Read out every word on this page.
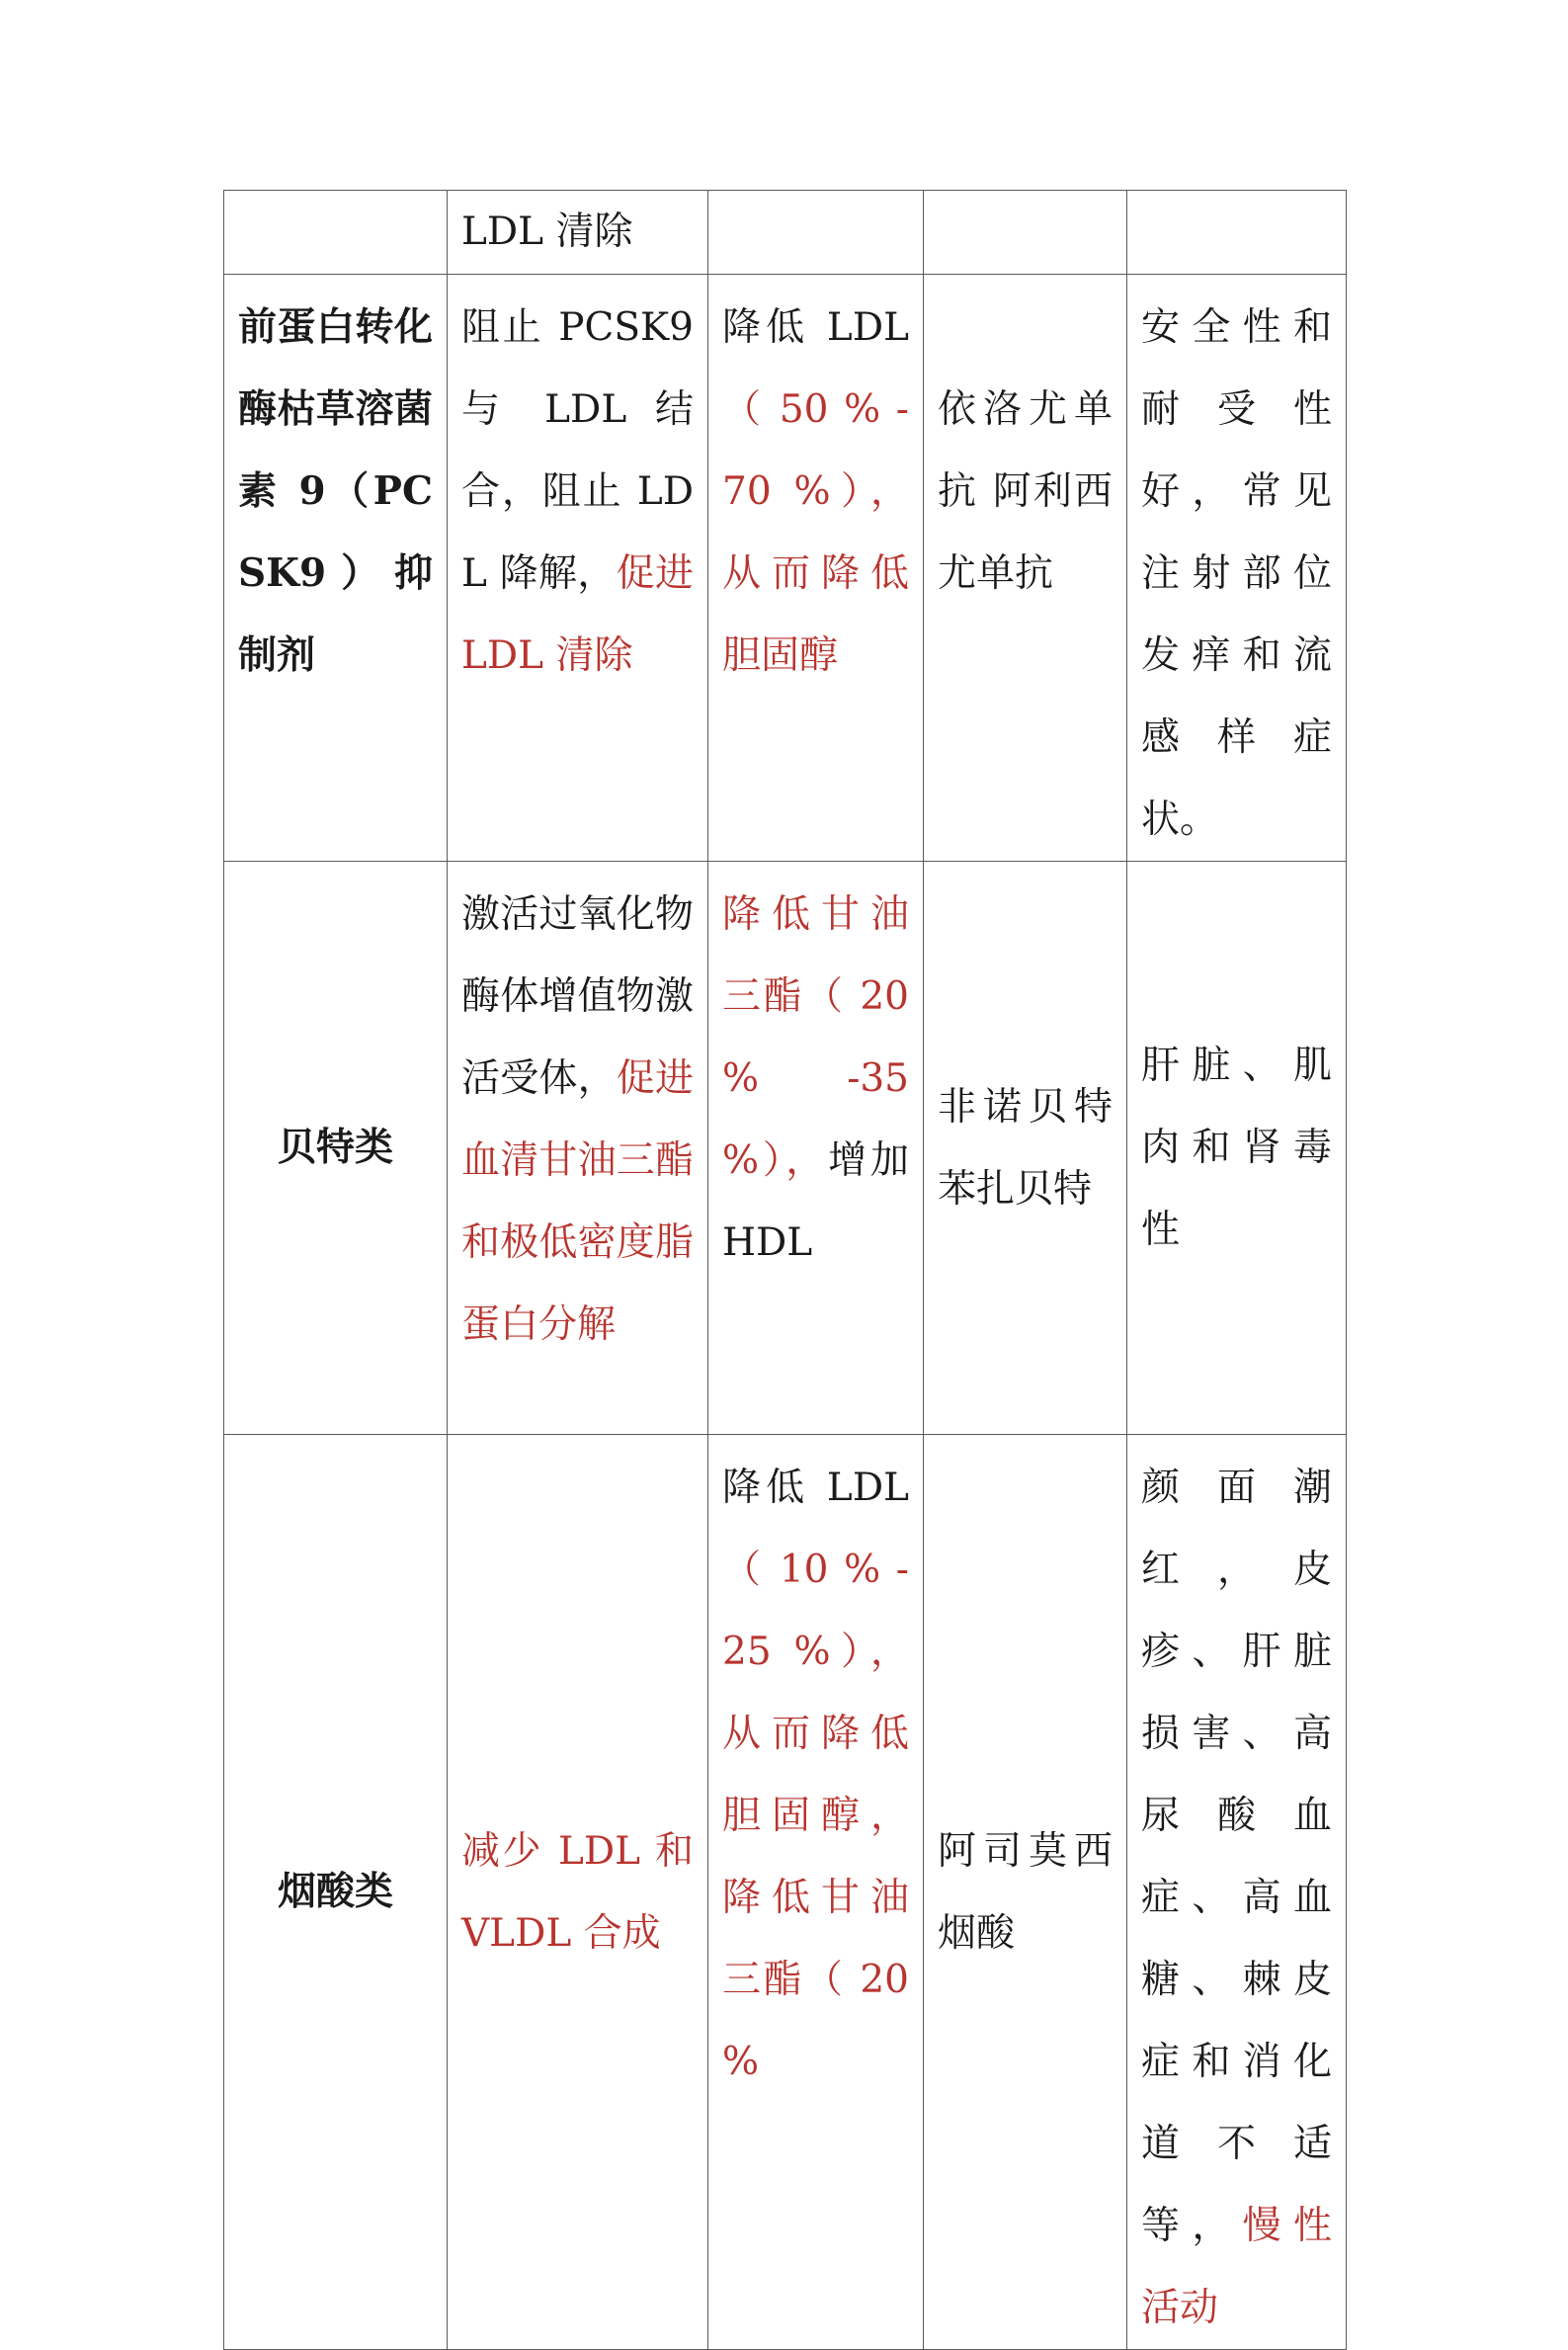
	LDL 清除			
前蛋白转化酶枯草溶菌素 9（PCSK9）抑制剂	阻止 PCSK9 与 LDL 结合，阻止 LDL 降解，促进 LDL 清除	降低 LDL（ 50 % -70 %），从而降低胆固醇	依洛尤单抗 阿利西尤单抗	安全性和耐受性好，常见注射部位发痒和流感样症状。
贝特类	激活过氧化物酶体增值物激活受体，促进血清甘油三酯和极低密度脂蛋白分解	降低甘油三酯（ 20 % -35 %），增加 HDL	非诺贝特 苯扎贝特	肝脏、肌肉和肾毒性
烟酸类	减少 LDL 和 VLDL 合成	降低 LDL（ 10 % -25 %），从而降低胆固醇，降低甘油三酯（ 20 %	阿司莫西 烟酸	颜面潮红，皮疹、肝脏损害、高尿酸血症、高血糖、棘皮症和消化道不适等，慢性活动
